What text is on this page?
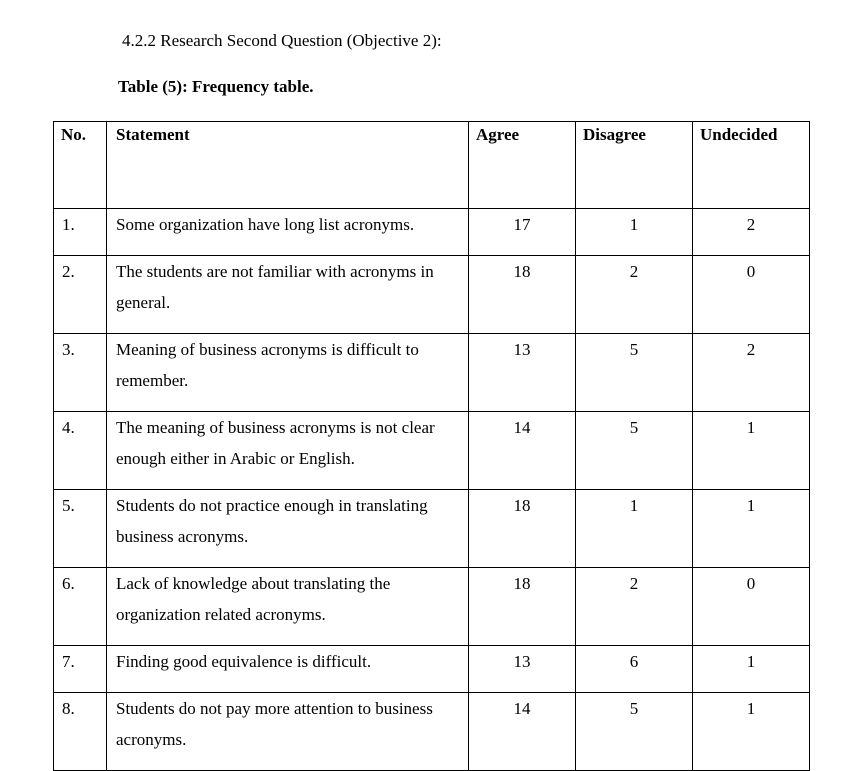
4.2.2 Research Second Question (Objective 2):
Table (5): Frequency table.
No.	Statement	Agree	Disagree	Undecided
1.	Some organization have long list acronyms.	17	1	2
2.	The students are not familiar with acronyms in general.	18	2	0
3.	Meaning of business acronyms is difficult to remember.	13	5	2
4.	The meaning of business acronyms is not clear enough either in Arabic or English.	14	5	1
5.	Students do not practice enough in translating business acronyms.	18	1	1
6.	Lack of knowledge about translating the organization related acronyms.	18	2	0
7.	Finding good equivalence is difficult.	13	6	1
8.	Students do not pay more attention to business acronyms.	14	5	1
